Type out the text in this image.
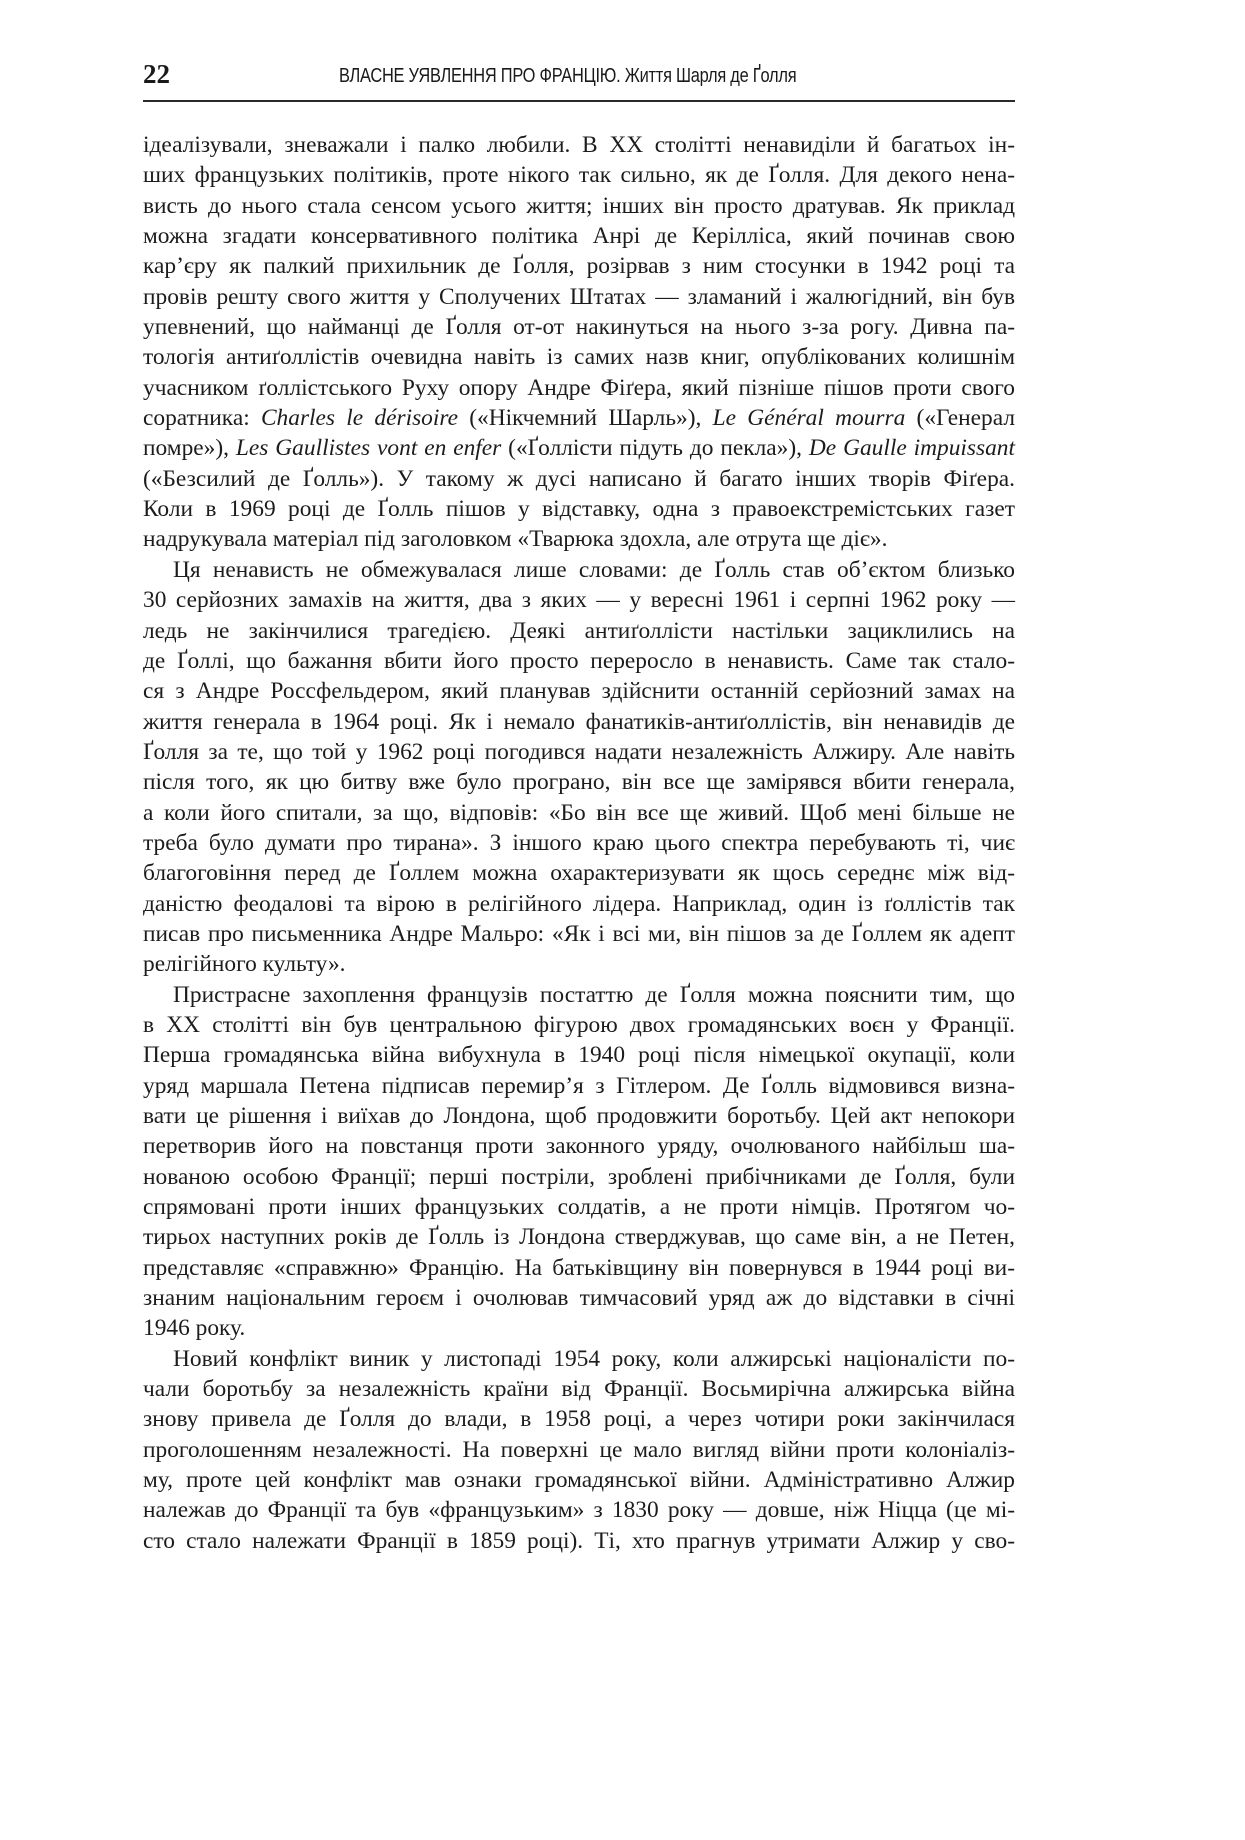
22	ВЛАСНЕ УЯВЛЕННЯ ПРО ФРАНЦІЮ. Життя Шарля де Ґолля
ідеалізували, зневажали і палко любили. В XX столітті ненавиділи й багатьох ін-
ших французьких політиків, проте нікого так сильно, як де Ґолля. Для декого нена-
висть до нього стала сенсом усього життя; інших він просто дратував. Як приклад
можна згадати консервативного політика Анрі де Керілліса, який починав свою
кар’єру як палкий прихильник де Ґолля, розірвав з ним стосунки в 1942 році та
провів решту свого життя у Сполучених Штатах — зламаний і жалюгідний, він був
упевнений, що найманці де Ґолля от-от накинуться на нього з-за рогу. Дивна па-
тологія антиґоллістів очевидна навіть із самих назв книг, опублікованих колишнім
учасником ґоллістського Руху опору Андре Фіґера, який пізніше пішов проти свого
соратника: Charles le dérisoire («Нікчемний Шарль»), Le Général mourra («Генерал
помре»), Les Gaullistes vont en enfer («Ґоллісти підуть до пекла»), De Gaulle impuissant
(«Безсилий де Ґолль»). У такому ж дусі написано й багато інших творів Фіґера.
Коли в 1969 році де Ґолль пішов у відставку, одна з правоекстремістських газет
надрукувала матеріал під заголовком «Тварюка здохла, але отрута ще діє».
Ця ненависть не обмежувалася лише словами: де Ґолль став об’єктом близько
30 серйозних замахів на життя, два з яких — у вересні 1961 і серпні 1962 року —
ледь не закінчилися трагедією. Деякі антиґоллісти настільки зациклились на
де Ґоллі, що бажання вбити його просто переросло в ненависть. Саме так стало-
ся з Андре Россфельдером, який планував здійснити останній серйозний замах на
життя генерала в 1964 році. Як і немало фанатиків-антиґоллістів, він ненавидів де
Ґолля за те, що той у 1962 році погодився надати незалежність Алжиру. Але навіть
після того, як цю битву вже було програно, він все ще замірявся вбити генерала,
а коли його спитали, за що, відповів: «Бо він все ще живий. Щоб мені більше не
треба було думати про тирана». З іншого краю цього спектра перебувають ті, чиє
благоговіння перед де Ґоллем можна охарактеризувати як щось середнє між від-
даністю феодалові та вірою в релігійного лідера. Наприклад, один із ґоллістів так
писав про письменника Андре Мальро: «Як і всі ми, він пішов за де Ґоллем як адепт
релігійного культу».
Пристрасне захоплення французів постаттю де Ґолля можна пояснити тим, що
в XX столітті він був центральною фігурою двох громадянських воєн у Франції.
Перша громадянська війна вибухнула в 1940 році після німецької окупації, коли
уряд маршала Петена підписав перемир’я з Гітлером. Де Ґолль відмовився визна-
вати це рішення і виїхав до Лондона, щоб продовжити боротьбу. Цей акт непокори
перетворив його на повстанця проти законного уряду, очолюваного найбільш ша-
нованою особою Франції; перші постріли, зроблені прибічниками де Ґолля, були
спрямовані проти інших французьких солдатів, а не проти німців. Протягом чо-
тирьох наступних років де Ґолль із Лондона стверджував, що саме він, а не Петен,
представляє «справжню» Францію. На батьківщину він повернувся в 1944 році ви-
знаним національним героєм і очолював тимчасовий уряд аж до відставки в січні
1946 року.
Новий конфлікт виник у листопаді 1954 року, коли алжирські націоналісти по-
чали боротьбу за незалежність країни від Франції. Восьмирічна алжирська війна
знову привела де Ґолля до влади, в 1958 році, а через чотири роки закінчилася
проголошенням незалежності. На поверхні це мало вигляд війни проти колоніаліз-
му, проте цей конфлікт мав ознаки громадянської війни. Адміністративно Алжир
належав до Франції та був «французьким» з 1830 року — довше, ніж Ніцца (це мі-
сто стало належати Франції в 1859 році). Ті, хто прагнув утримати Алжир у сво-
